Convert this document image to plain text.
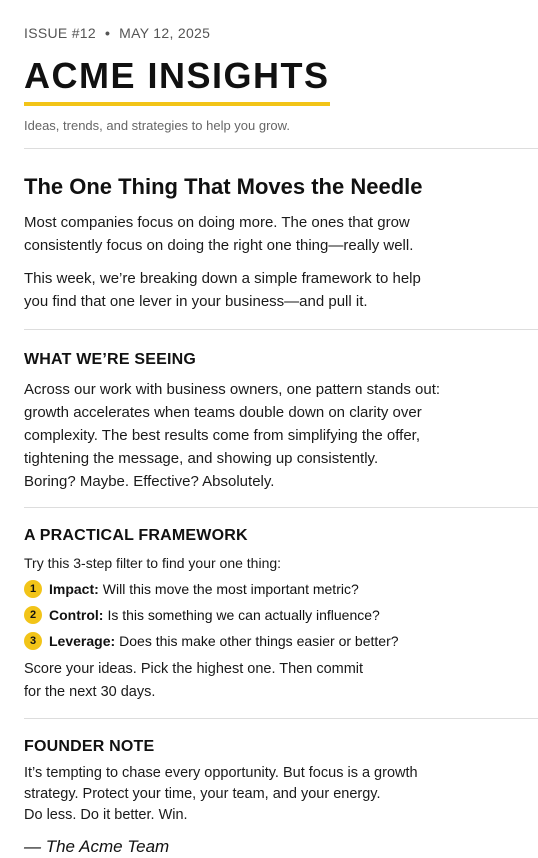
ISSUE #12 • MAY 12, 2025
ACME INSIGHTS
Ideas, trends, and strategies to help you grow.
The One Thing That Moves the Needle

Most companies focus on doing more. The ones that grow
consistently focus on doing the right one thing—really well.

This week, we’re breaking down a simple framework to help
you find that one lever in your business—and pull it.

WHAT WE’RE SEEING

Across our work with business owners, one pattern stands out:
growth accelerates when teams double down on clarity over
complexity. The best results come from simplifying the offer,
tightening the message, and showing up consistently.
Boring? Maybe. Effective? Absolutely.

A PRACTICAL FRAMEWORK

Try this 3-step filter to find your one thing:

1 Impact: Will this move the most important metric?
2 Control: Is this something we can actually influence?
3 Leverage: Does this make other things easier or better?

Score your ideas. Pick the highest one. Then commit
for the next 30 days.

FOUNDER NOTE

It’s tempting to chase every opportunity. But focus is a growth
strategy. Protect your time, your team, and your energy.
Do less. Do it better. Win.

— The Acme Team
